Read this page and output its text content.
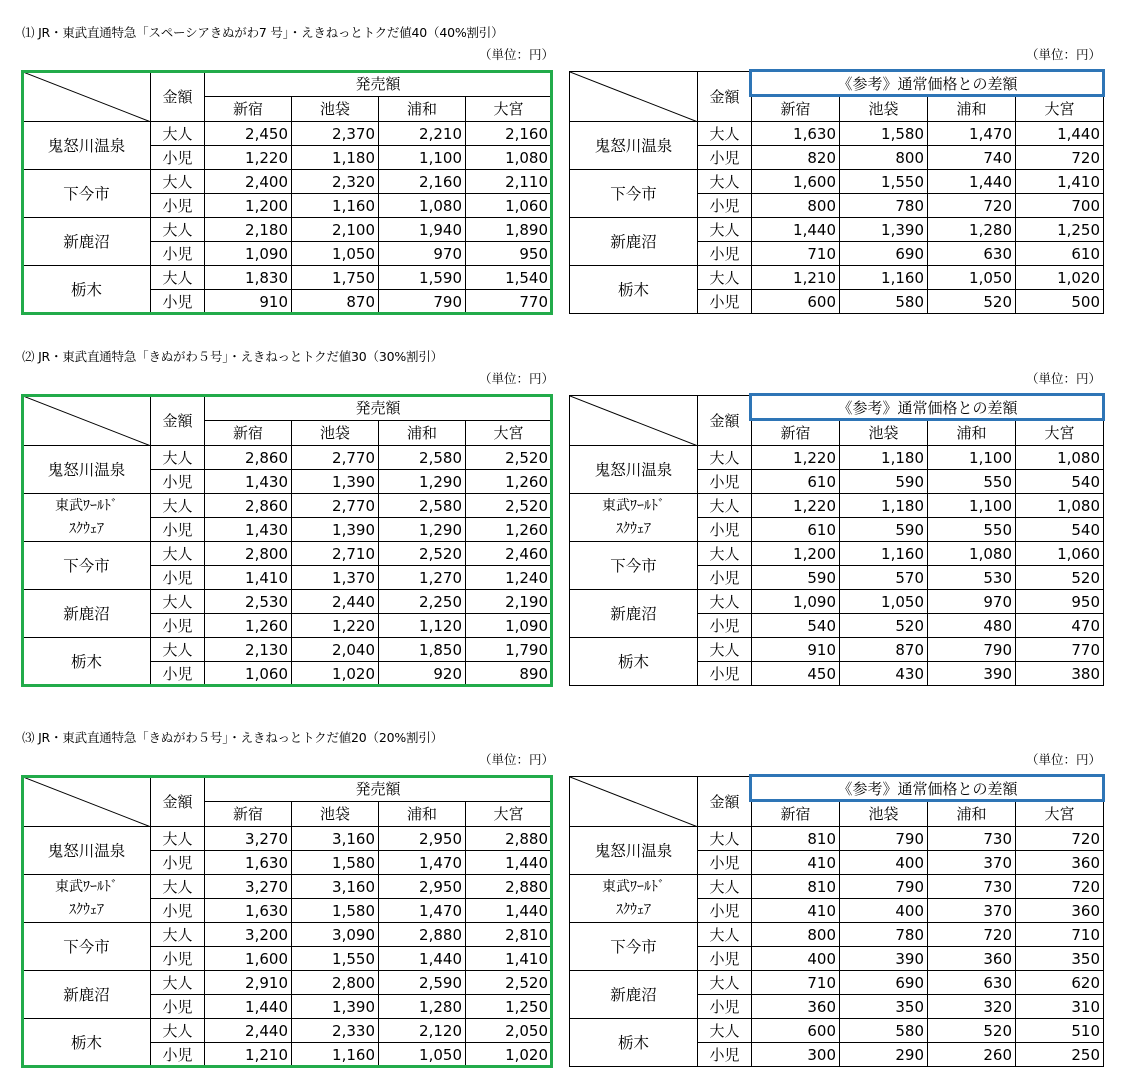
⑴ JR・東武直通特急「スペーシアきぬがわ7 号」・えきねっとトクだ値40（40%割引）
（単位：円）	（単位：円）
	金額	発売額			
		新宿	池袋	浦和	大宮
鬼怒川温泉	大人	2,450	2,370	2,210	2,160
	小児	1,220	1,180	1,100	1,080
下今市	大人	2,400	2,320	2,160	2,110
	小児	1,200	1,160	1,080	1,060
新鹿沼	大人	2,180	2,100	1,940	1,890
	小児	1,090	1,050	970	950
栃木	大人	1,830	1,750	1,590	1,540
	小児	910	870	790	770
	金額	《参考》通常価格との差額			
		新宿	池袋	浦和	大宮
鬼怒川温泉	大人	1,630	1,580	1,470	1,440
	小児	820	800	740	720
下今市	大人	1,600	1,550	1,440	1,410
	小児	800	780	720	700
新鹿沼	大人	1,440	1,390	1,280	1,250
	小児	710	690	630	610
栃木	大人	1,210	1,160	1,050	1,020
	小児	600	580	520	500
⑵ JR・東武直通特急「きぬがわ５号」・えきねっとトクだ値30（30%割引）
（単位：円）	（単位：円）
	金額	発売額			
		新宿	池袋	浦和	大宮
鬼怒川温泉	大人	2,860	2,770	2,580	2,520
	小児	1,430	1,390	1,290	1,260

東武ﾜｰﾙﾄﾞ
ｽｸｳｪｱ	大人	2,860	2,770	2,580	2,520
	小児	1,430	1,390	1,290	1,260
下今市	大人	2,800	2,710	2,520	2,460
	小児	1,410	1,370	1,270	1,240
新鹿沼	大人	2,530	2,440	2,250	2,190
	小児	1,260	1,220	1,120	1,090
栃木	大人	2,130	2,040	1,850	1,790
	小児	1,060	1,020	920	890
	金額	《参考》通常価格との差額			
		新宿	池袋	浦和	大宮
鬼怒川温泉	大人	1,220	1,180	1,100	1,080
	小児	610	590	550	540

東武ﾜｰﾙﾄﾞ
ｽｸｳｪｱ	大人	1,220	1,180	1,100	1,080
	小児	610	590	550	540
下今市	大人	1,200	1,160	1,080	1,060
	小児	590	570	530	520
新鹿沼	大人	1,090	1,050	970	950
	小児	540	520	480	470
栃木	大人	910	870	790	770
	小児	450	430	390	380
⑶ JR・東武直通特急「きぬがわ５号」・えきねっとトクだ値20（20%割引）
（単位：円）	（単位：円）
	金額	発売額			
		新宿	池袋	浦和	大宮
鬼怒川温泉	大人	3,270	3,160	2,950	2,880
	小児	1,630	1,580	1,470	1,440

東武ﾜｰﾙﾄﾞ
ｽｸｳｪｱ	大人	3,270	3,160	2,950	2,880
	小児	1,630	1,580	1,470	1,440
下今市	大人	3,200	3,090	2,880	2,810
	小児	1,600	1,550	1,440	1,410
新鹿沼	大人	2,910	2,800	2,590	2,520
	小児	1,440	1,390	1,280	1,250
栃木	大人	2,440	2,330	2,120	2,050
	小児	1,210	1,160	1,050	1,020
	金額	《参考》通常価格との差額			
		新宿	池袋	浦和	大宮
鬼怒川温泉	大人	810	790	730	720
	小児	410	400	370	360

東武ﾜｰﾙﾄﾞ
ｽｸｳｪｱ	大人	810	790	730	720
	小児	410	400	370	360
下今市	大人	800	780	720	710
	小児	400	390	360	350
新鹿沼	大人	710	690	630	620
	小児	360	350	320	310
栃木	大人	600	580	520	510
	小児	300	290	260	250
